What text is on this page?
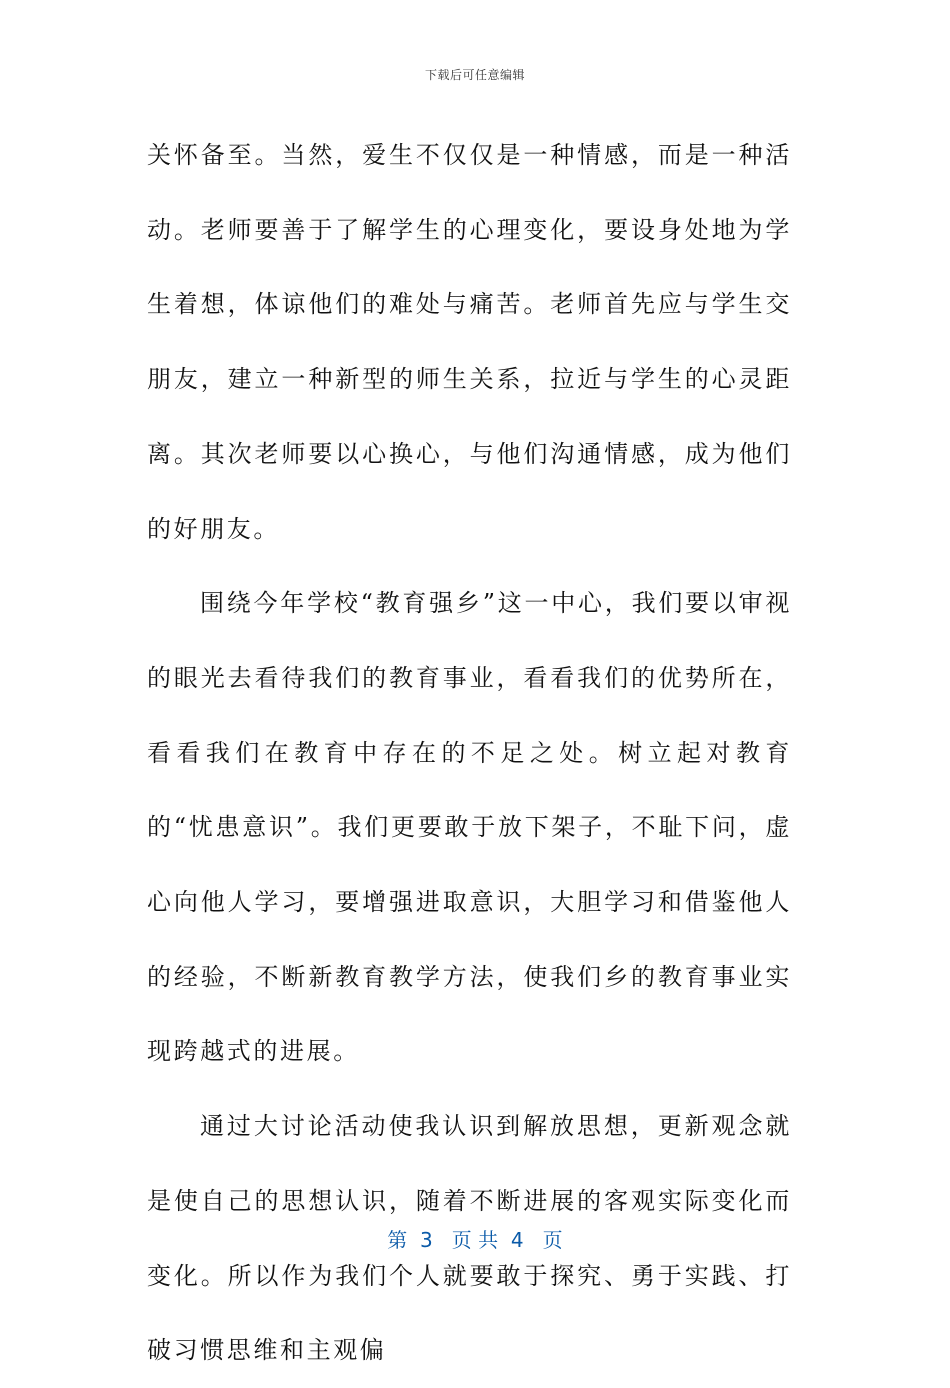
下载后可任意编辑

关怀备至。当然，爱生不仅仅是一种情感，而是一种活动。老师要善于了解学生的心理变化，要设身处地为学生着想，体谅他们的难处与痛苦。老师首先应与学生交朋友，建立一种新型的师生关系，拉近与学生的心灵距离。其次老师要以心换心，与他们沟通情感，成为他们的好朋友。

围绕今年学校“教育强乡”这一中心，我们要以审视的眼光去看待我们的教育事业，看看我们的优势所在，看看我们在教育中存在的不足之处。树立起对教育的“忧患意识”。我们更要敢于放下架子，不耻下问，虚心向他人学习，要增强进取意识，大胆学习和借鉴他人的经验，不断新教育教学方法，使我们乡的教育事业实现跨越式的进展。

通过大讨论活动使我认识到解放思想，更新观念就是使自己的思想认识，随着不断进展的客观实际变化而变化。所以作为我们个人就要敢于探究、勇于实践、打破习惯思维和主观偏

第  3   页 共  4   页
